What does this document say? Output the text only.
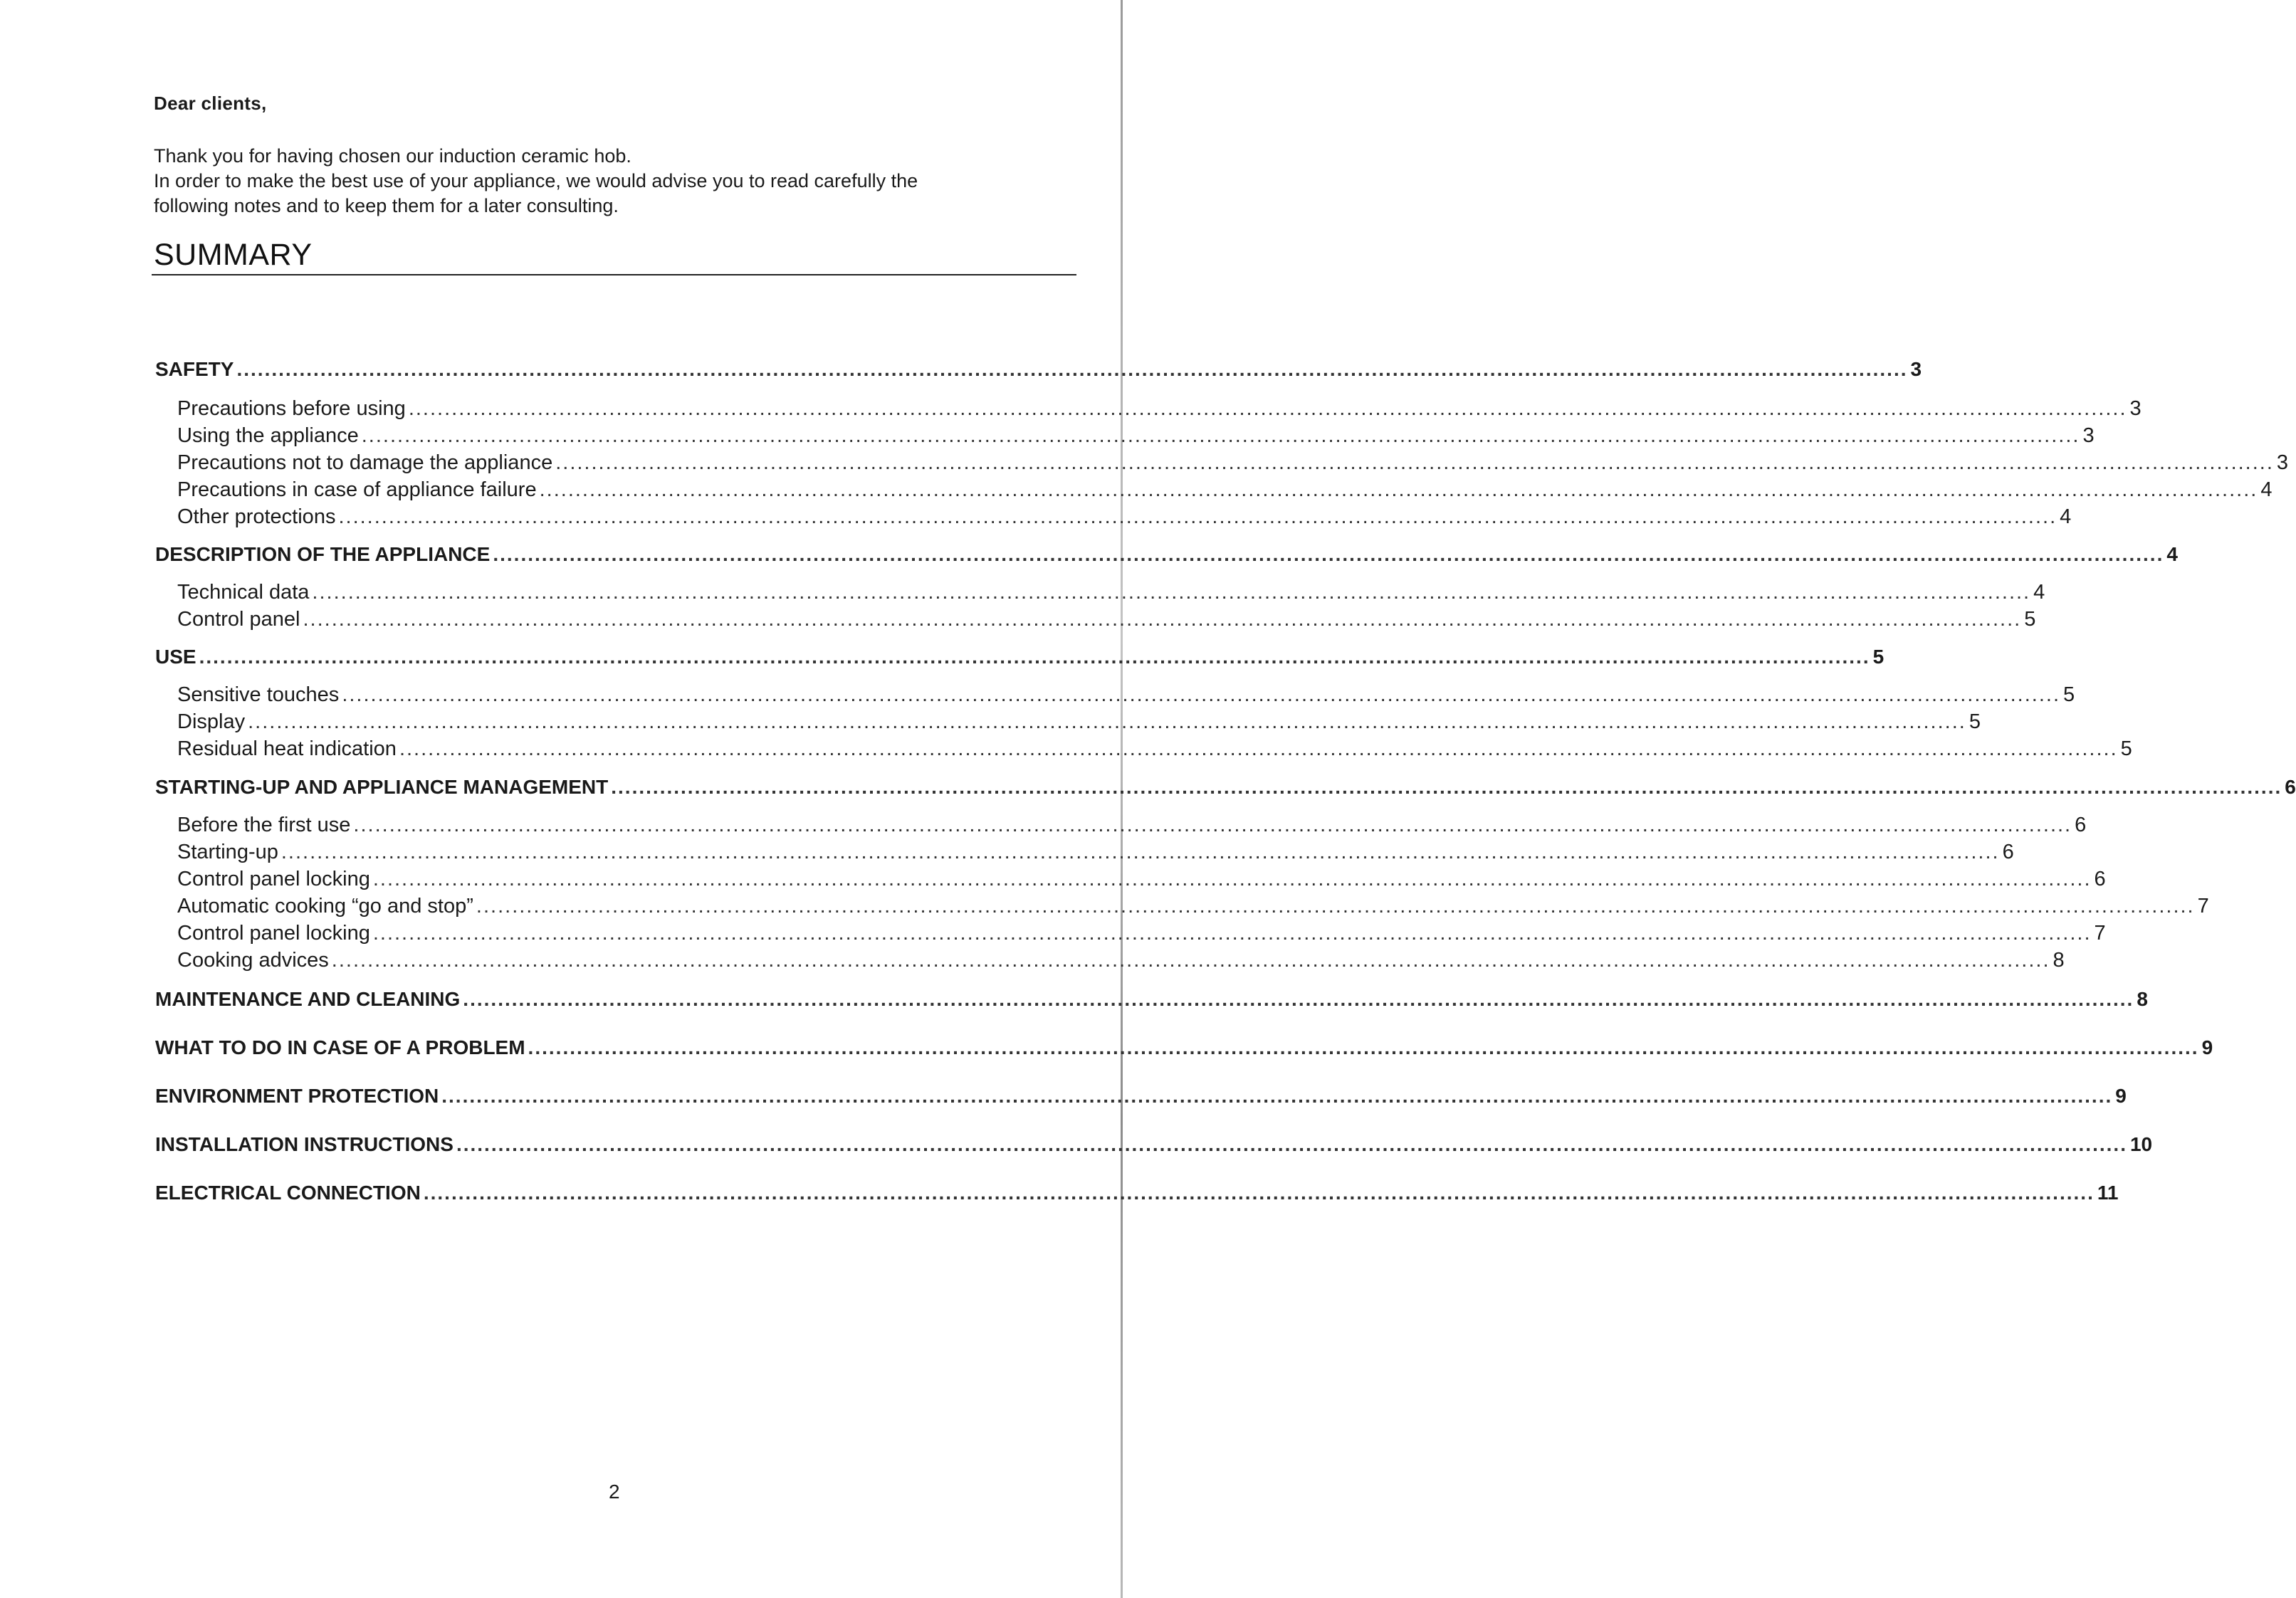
Dear clients,

Thank you for having chosen our induction ceramic hob.

In order to make the best use of your appliance, we would advise you to read carefully the

following notes and to keep them for a later consulting.

SUMMARY
SAFETY ................................................................................................................................................................................................................................................ 3
Precautions before using ................................................................................................................................................................................................................................................ 3
Using the appliance ................................................................................................................................................................................................................................................ 3
Precautions not to damage the appliance ................................................................................................................................................................................................................................................ 3
Precautions in case of appliance failure ................................................................................................................................................................................................................................................ 4
Other protections ................................................................................................................................................................................................................................................ 4
DESCRIPTION OF THE APPLIANCE ................................................................................................................................................................................................................................................ 4
Technical data ................................................................................................................................................................................................................................................ 4
Control panel ................................................................................................................................................................................................................................................ 5
USE ................................................................................................................................................................................................................................................ 5
Sensitive touches ................................................................................................................................................................................................................................................ 5
Display ................................................................................................................................................................................................................................................ 5
Residual heat indication ................................................................................................................................................................................................................................................ 5
STARTING-UP AND APPLIANCE MANAGEMENT ................................................................................................................................................................................................................................................ 6
Before the first use ................................................................................................................................................................................................................................................ 6
Starting-up ................................................................................................................................................................................................................................................ 6
Control panel locking ................................................................................................................................................................................................................................................ 6
Automatic cooking “go and stop” ................................................................................................................................................................................................................................................ 7
Control panel locking ................................................................................................................................................................................................................................................ 7
Cooking advices ................................................................................................................................................................................................................................................ 8
MAINTENANCE AND CLEANING ................................................................................................................................................................................................................................................ 8
WHAT TO DO IN CASE OF A PROBLEM ................................................................................................................................................................................................................................................ 9
ENVIRONMENT PROTECTION ................................................................................................................................................................................................................................................ 9
INSTALLATION INSTRUCTIONS ................................................................................................................................................................................................................................................ 10
ELECTRICAL CONNECTION ................................................................................................................................................................................................................................................ 11
2
